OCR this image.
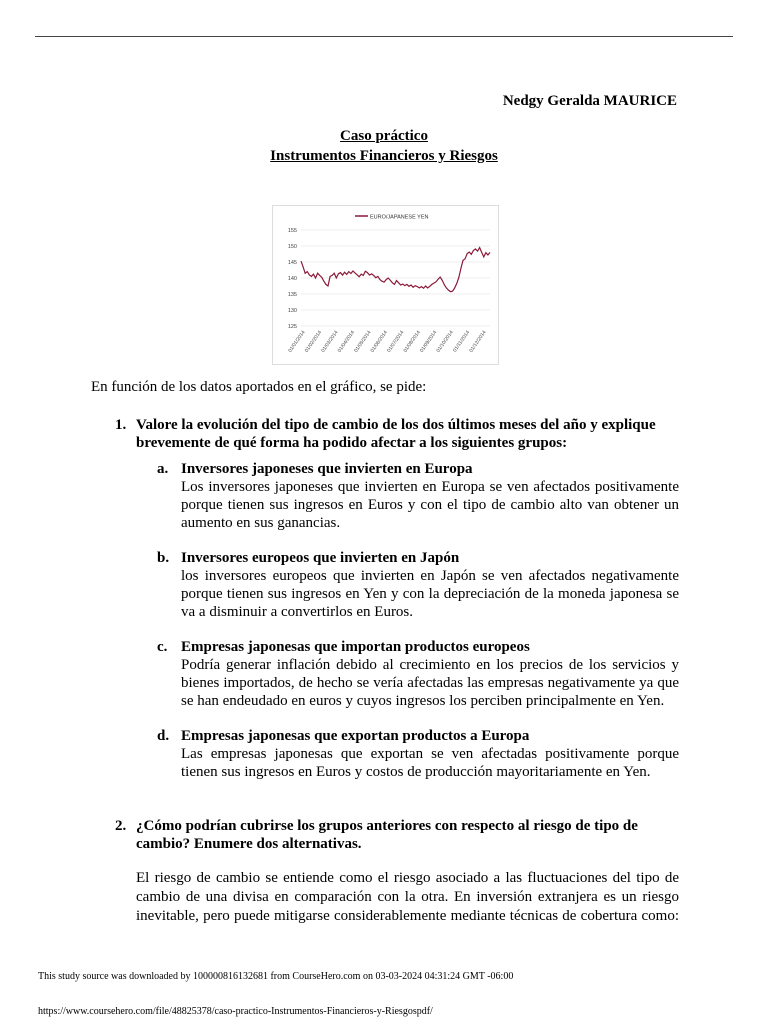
Nedgy Geralda MAURICE
Caso práctico
Instrumentos Financieros y Riesgos
EURO/JAPANESE YEN
125
130
135
140
145
150
155
01/01/2014
01/02/2014
01/03/2014
01/04/2014
01/05/2014
01/06/2014
01/07/2014
01/08/2014
01/09/2014
01/10/2014
01/11/2014
01/12/2014
En función de los datos aportados en el gráfico, se pide:
1. Valore la evolución del tipo de cambio de los dos últimos meses del año y explique brevemente de qué forma ha podido afectar a los siguientes grupos:
a. Inversores japoneses que invierten en Europa
Los inversores japoneses que invierten en Europa se ven afectados positivamente porque tienen sus ingresos en Euros y con el tipo de cambio alto van obtener un aumento en sus ganancias.
b. Inversores europeos que invierten en Japón
los inversores europeos que invierten en Japón se ven afectados negativamente porque tienen sus ingresos en Yen y con la depreciación de la moneda japonesa se va a disminuir a convertirlos en Euros.
c. Empresas japonesas que importan productos europeos
Podría generar inflación debido al crecimiento en los precios de los servicios y bienes importados, de hecho se vería afectadas las empresas negativamente ya que se han endeudado en euros y cuyos ingresos los perciben principalmente en Yen.
d. Empresas japonesas que exportan productos a Europa
Las empresas japonesas que exportan se ven afectadas positivamente porque tienen sus ingresos en Euros y costos de producción mayoritariamente en Yen.
2. ¿Cómo podrían cubrirse los grupos anteriores con respecto al riesgo de tipo de cambio? Enumere dos alternativas.
El riesgo de cambio se entiende como el riesgo asociado a las fluctuaciones del tipo de cambio de una divisa en comparación con la otra. En inversión extranjera es un riesgo inevitable, pero puede mitigarse considerablemente mediante técnicas de cobertura como:
This study source was downloaded by 100000816132681 from CourseHero.com on 03-03-2024 04:31:24 GMT -06:00
https://www.coursehero.com/file/48825378/caso-practico-Instrumentos-Financieros-y-Riesgospdf/
